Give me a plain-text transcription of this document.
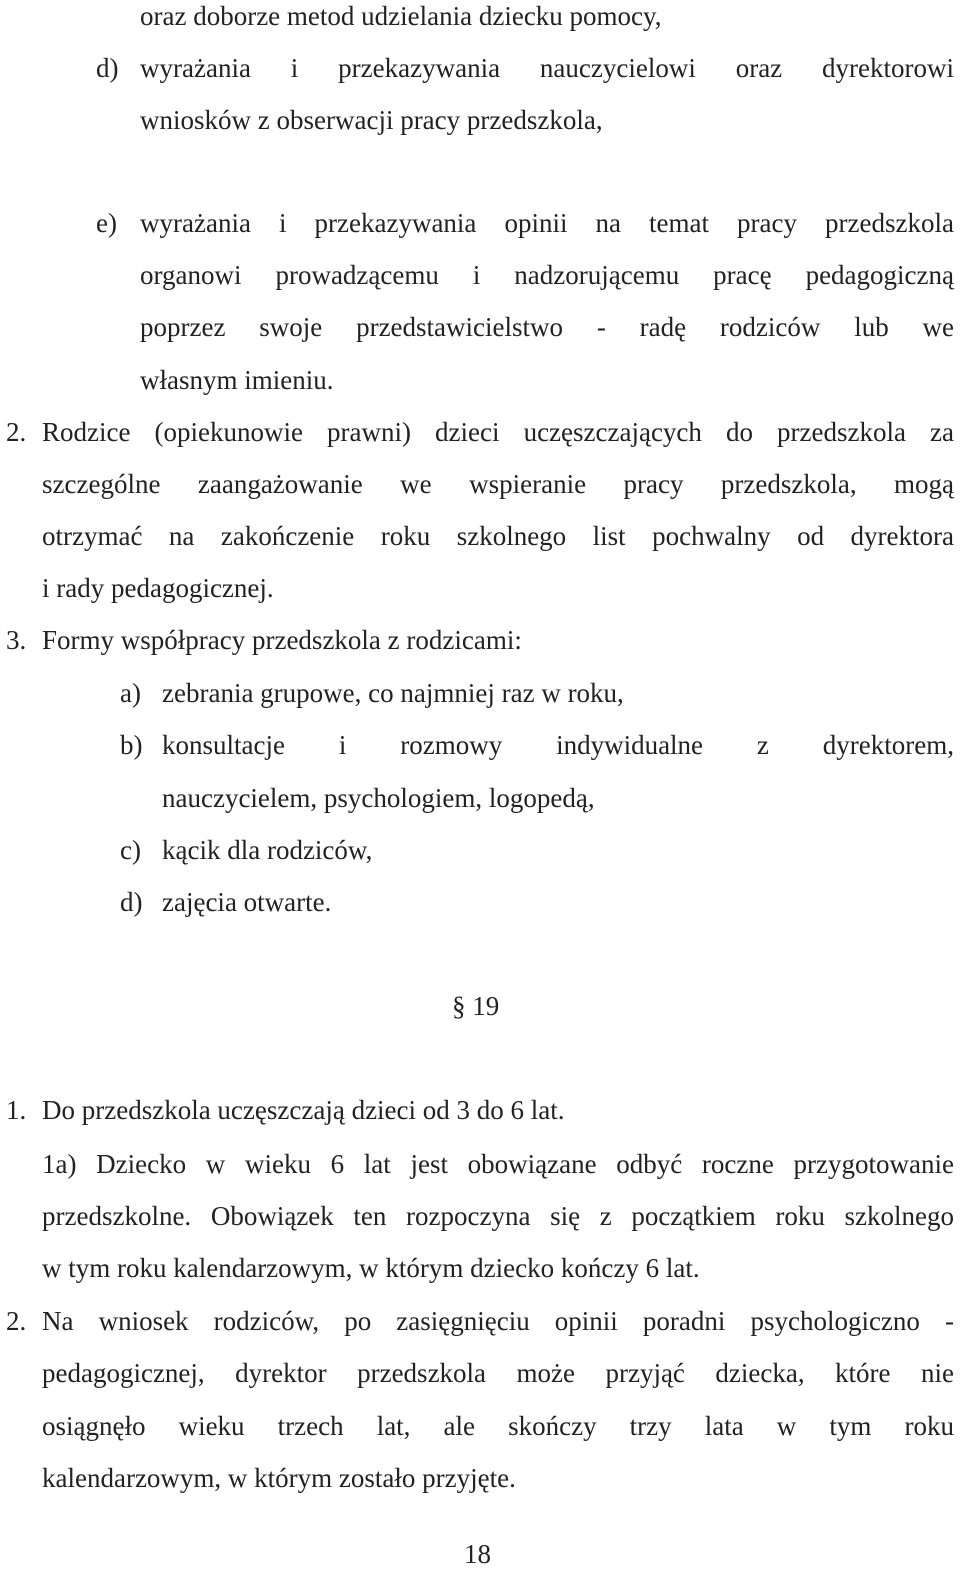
oraz doborze metod udzielania dziecku pomocy,
d) wyrażania i przekazywania nauczycielowi oraz dyrektorowi
wniosków z obserwacji pracy przedszkola,
e) wyrażania i przekazywania opinii na temat pracy przedszkola
organowi prowadzącemu i nadzorującemu pracę pedagogiczną
poprzez swoje przedstawicielstwo - radę rodziców lub we
własnym imieniu.
2. Rodzice (opiekunowie prawni) dzieci uczęszczających do przedszkola za
szczególne zaangażowanie we wspieranie pracy przedszkola, mogą
otrzymać na zakończenie roku szkolnego list pochwalny od dyrektora
i rady pedagogicznej.
3. Formy współpracy przedszkola z rodzicami:
a) zebrania grupowe, co najmniej raz w roku,
b) konsultacje i rozmowy indywidualne z dyrektorem,
nauczycielem, psychologiem, logopedą,
c) kącik dla rodziców,
d) zajęcia otwarte.
§ 19
1. Do przedszkola uczęszczają dzieci od 3 do 6 lat.
1a) Dziecko w wieku 6 lat jest obowiązane odbyć roczne przygotowanie
przedszkolne. Obowiązek ten rozpoczyna się z początkiem roku szkolnego
w tym roku kalendarzowym, w którym dziecko kończy 6 lat.
2. Na wniosek rodziców, po zasięgnięciu opinii poradni psychologiczno -
pedagogicznej, dyrektor przedszkola może przyjąć dziecka, które nie
osiągnęło wieku trzech lat, ale skończy trzy lata w tym roku
kalendarzowym, w którym zostało przyjęte.
18
